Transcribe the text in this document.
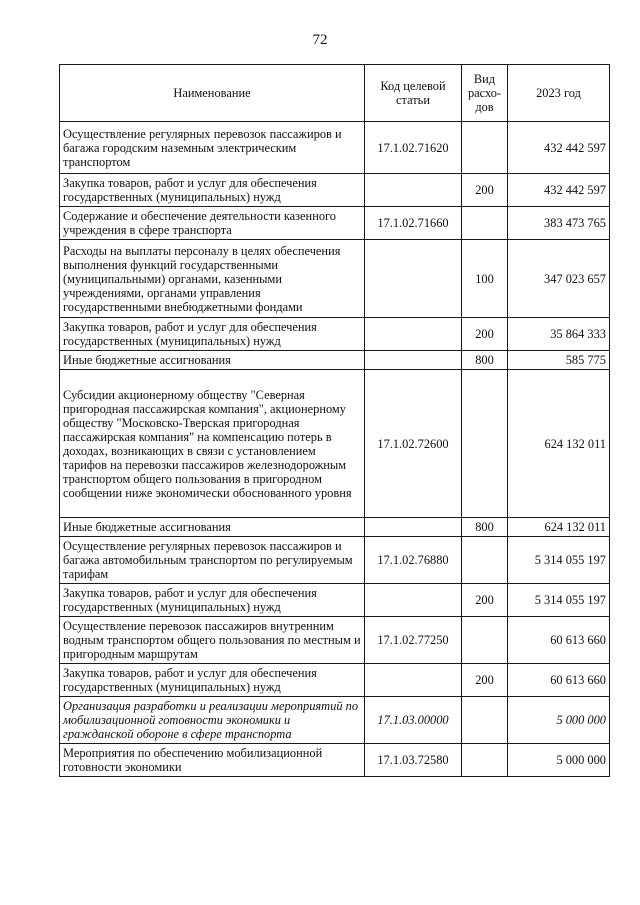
72
Наименование	Код целевой статьи	Вид расхо-дов	2023 год
Осуществление регулярных перевозок пассажиров и багажа городским наземным электрическим транспортом	17.1.02.71620		432 442 597
Закупка товаров, работ и услуг для обеспечения государственных (муниципальных) нужд		200	432 442 597
Содержание и обеспечение деятельности казенного учреждения в сфере транспорта	17.1.02.71660		383 473 765
Расходы на выплаты персоналу в целях обеспечения выполнения функций государственными (муниципальными) органами, казенными учреждениями, органами управления государственными внебюджетными фондами		100	347 023 657
Закупка товаров, работ и услуг для обеспечения государственных (муниципальных) нужд		200	35 864 333
Иные бюджетные ассигнования		800	585 775
Субсидии акционерному обществу "Северная пригородная пассажирская компания", акционерному обществу "Московско-Тверская пригородная пассажирская компания" на компенсацию потерь в доходах, возникающих в связи с установлением тарифов на перевозки пассажиров железнодорожным транспортом общего пользования в пригородном сообщении ниже экономически обоснованного уровня	17.1.02.72600		624 132 011
Иные бюджетные ассигнования		800	624 132 011
Осуществление регулярных перевозок пассажиров и багажа автомобильным транспортом по регулируемым тарифам	17.1.02.76880		5 314 055 197
Закупка товаров, работ и услуг для обеспечения государственных (муниципальных) нужд		200	5 314 055 197
Осуществление перевозок пассажиров внутренним водным транспортом общего пользования по местным и пригородным маршрутам	17.1.02.77250		60 613 660
Закупка товаров, работ и услуг для обеспечения государственных (муниципальных) нужд		200	60 613 660
Организация разработки и реализации мероприятий по мобилизационной готовности экономики и гражданской обороне в сфере транспорта	17.1.03.00000		5 000 000
Мероприятия по обеспечению мобилизационной готовности экономики	17.1.03.72580		5 000 000
